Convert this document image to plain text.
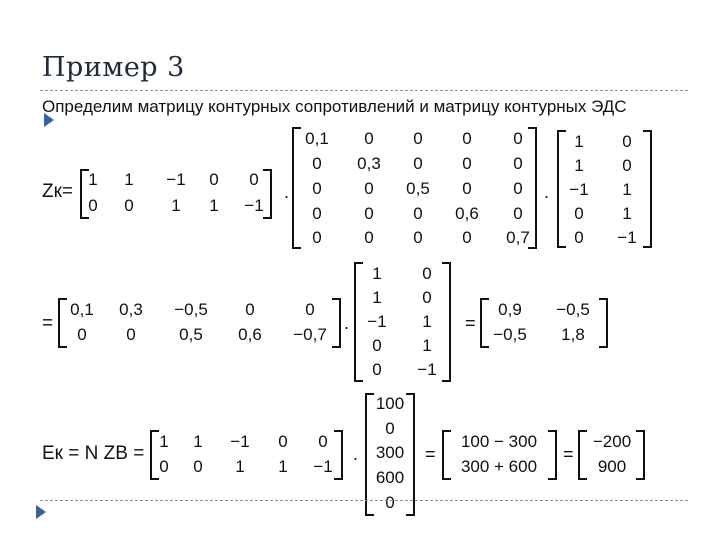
Пример 3
Определим матрицу контурных сопротивлений и матрицу контурных ЭДС
Zк=
=
Eк = N ZB =
1 1 −1 0 0
0 0 1 1 −1
.
0,1 0 0 0 0
0 0,3 0 0 0
0	0 0,5 0 0
0	0 0 0,6 0
0	0 0 0 0,7
.
1 0
1 0
−1 1
0 1
0 −1
0,1 0,3 −0,5 0	0
0 0	0,5 0,6 −0,7
.
1 0
1 0
−1 1
0 1
0 −1
=
0,9 −0,5
−0,5 1,8
1 1 −1 0 0
0 0 1 1 −1
.
100
0
300
600
0
=
100 − 300
300 + 600
=
−200
900
